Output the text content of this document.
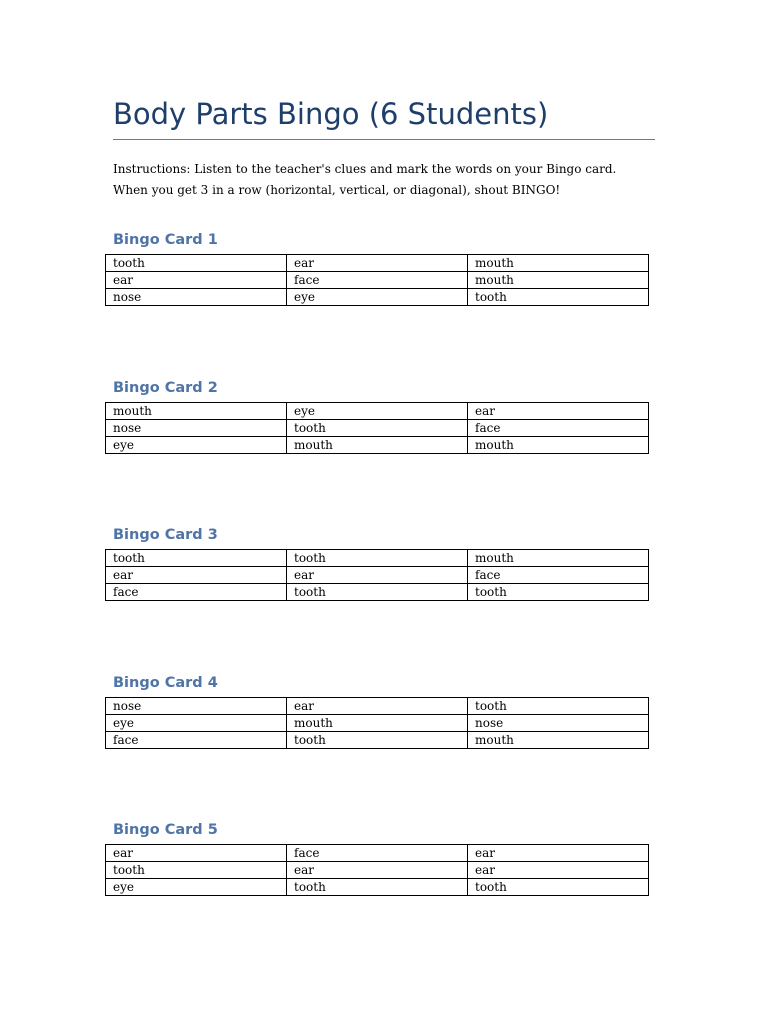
Body Parts Bingo (6 Students)

Instructions: Listen to the teacher's clues and mark the words on your Bingo card. When you get 3 in a row (horizontal, vertical, or diagonal), shout BINGO!

Bingo Card 1
tooth	ear	mouth
ear	face	mouth
nose	eye	tooth
Bingo Card 2
mouth	eye	ear
nose	tooth	face
eye	mouth	mouth
Bingo Card 3
tooth	tooth	mouth
ear	ear	face
face	tooth	tooth
Bingo Card 4
nose	ear	tooth
eye	mouth	nose
face	tooth	mouth
Bingo Card 5
ear	face	ear
tooth	ear	ear
eye	tooth	tooth
